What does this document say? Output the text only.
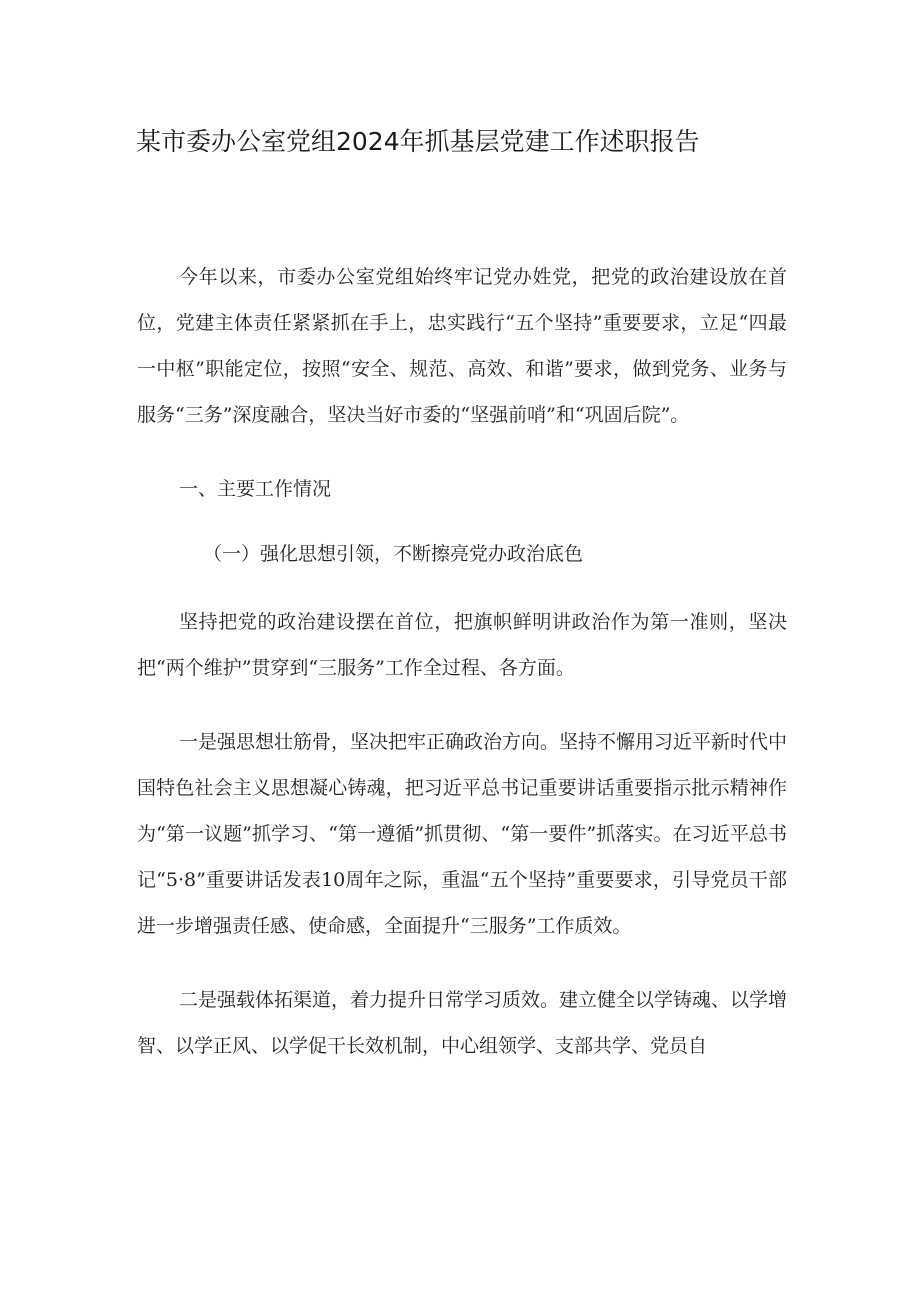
某市委办公室党组2024年抓基层党建工作述职报告

今年以来，市委办公室党组始终牢记党办姓党，把党的政治建设放在首位，党建主体责任紧紧抓在手上，忠实践行“五个坚持”重要要求，立足“四最一中枢”职能定位，按照“安全、规范、高效、和谐”要求，做到党务、业务与服务“三务”深度融合，坚决当好市委的“坚强前哨”和“巩固后院”。

一、主要工作情况

（一）强化思想引领，不断擦亮党办政治底色

坚持把党的政治建设摆在首位，把旗帜鲜明讲政治作为第一准则，坚决把“两个维护”贯穿到“三服务”工作全过程、各方面。

一是强思想壮筋骨，坚决把牢正确政治方向。坚持不懈用习近平新时代中国特色社会主义思想凝心铸魂，把习近平总书记重要讲话重要指示批示精神作为“第一议题”抓学习、“第一遵循”抓贯彻、“第一要件”抓落实。在习近平总书记“5·8”重要讲话发表10周年之际，重温“五个坚持”重要要求，引导党员干部进一步增强责任感、使命感，全面提升“三服务”工作质效。

二是强载体拓渠道，着力提升日常学习质效。建立健全以学铸魂、以学增智、以学正风、以学促干长效机制，中心组领学、支部共学、党员自
